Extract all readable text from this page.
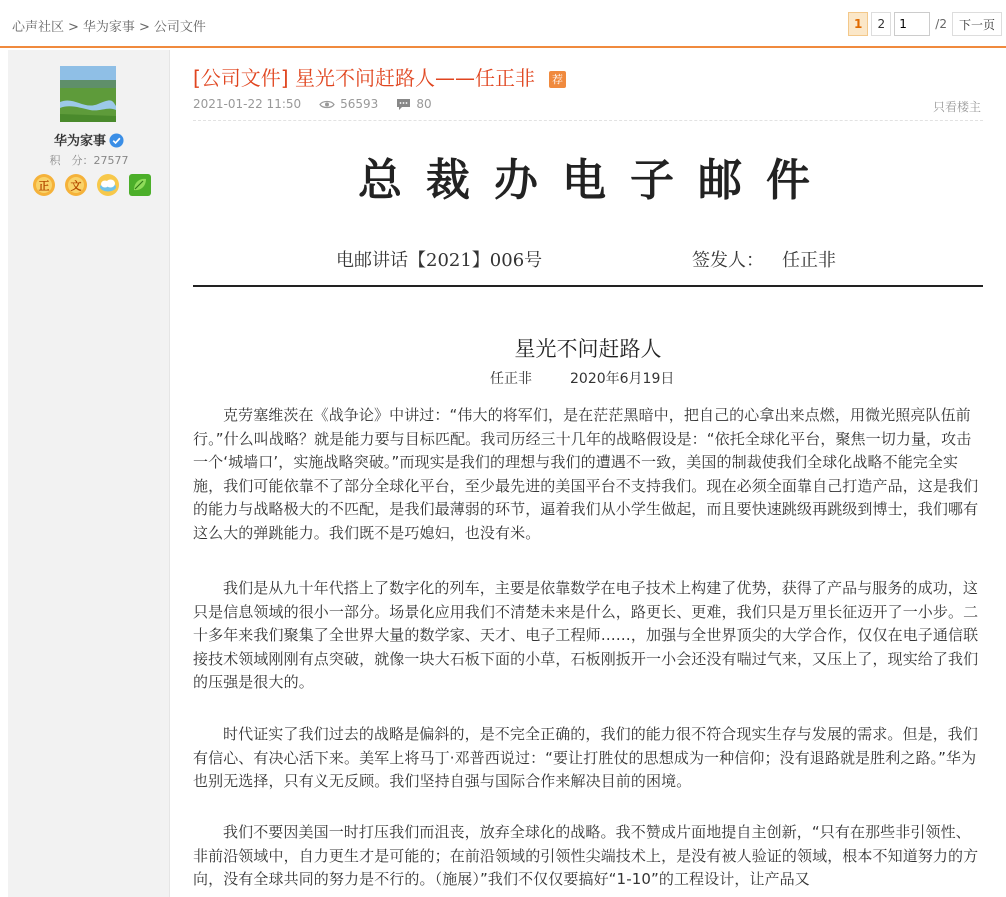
心声社区 > 华为家事 > 公司文件	1	2
1	/2	下一页
华为家事
积　分：27577
正 文
[公司文件] 星光不问赶路人——任正非 荐
2021-01-22 11:50	56593	80	只看楼主
总裁办电子邮件
电邮讲话【2021】006号	签发人： 任正非
星光不问赶路人
任正非	2020年6月19日

克劳塞维茨在《战争论》中讲过：“伟大的将军们，是在茫茫黑暗中，把自己的心拿出来点燃，用微光照亮队伍前行。”什么叫战略？就是能力要与目标匹配。我司历经三十几年的战略假设是：“依托全球化平台，聚焦一切力量，攻击一个‘城墙口’，实施战略突破。”而现实是我们的理想与我们的遭遇不一致，美国的制裁使我们全球化战略不能完全实施，我们可能依靠不了部分全球化平台，至少最先进的美国平台不支持我们。现在必须全面靠自己打造产品，这是我们的能力与战略极大的不匹配，是我们最薄弱的环节，逼着我们从小学生做起，而且要快速跳级再跳级到博士，我们哪有这么大的弹跳能力。我们既不是巧媳妇，也没有米。

我们是从九十年代搭上了数字化的列车，主要是依靠数学在电子技术上构建了优势，获得了产品与服务的成功，这只是信息领域的很小一部分。场景化应用我们不清楚未来是什么，路更长、更难，我们只是万里长征迈开了一小步。二十多年来我们聚集了全世界大量的数学家、天才、电子工程师……，加强与全世界顶尖的大学合作，仅仅在电子通信联接技术领域刚刚有点突破，就像一块大石板下面的小草，石板刚扳开一小会还没有喘过气来，又压上了，现实给了我们的压强是很大的。

时代证实了我们过去的战略是偏斜的，是不完全正确的，我们的能力很不符合现实生存与发展的需求。但是，我们有信心、有决心活下来。美军上将马丁·邓普西说过：“要让打胜仗的思想成为一种信仰；没有退路就是胜利之路。”华为也别无选择，只有义无反顾。我们坚持自强与国际合作来解决目前的困境。

我们不要因美国一时打压我们而沮丧，放弃全球化的战略。我不赞成片面地提自主创新，“只有在那些非引领性、非前沿领域中，自力更生才是可能的；在前沿领域的引领性尖端技术上，是没有被人验证的领域，根本不知道努力的方向，没有全球共同的努力是不行的。（施展）”我们不仅仅要搞好“1-10”的工程设计，让产品又
